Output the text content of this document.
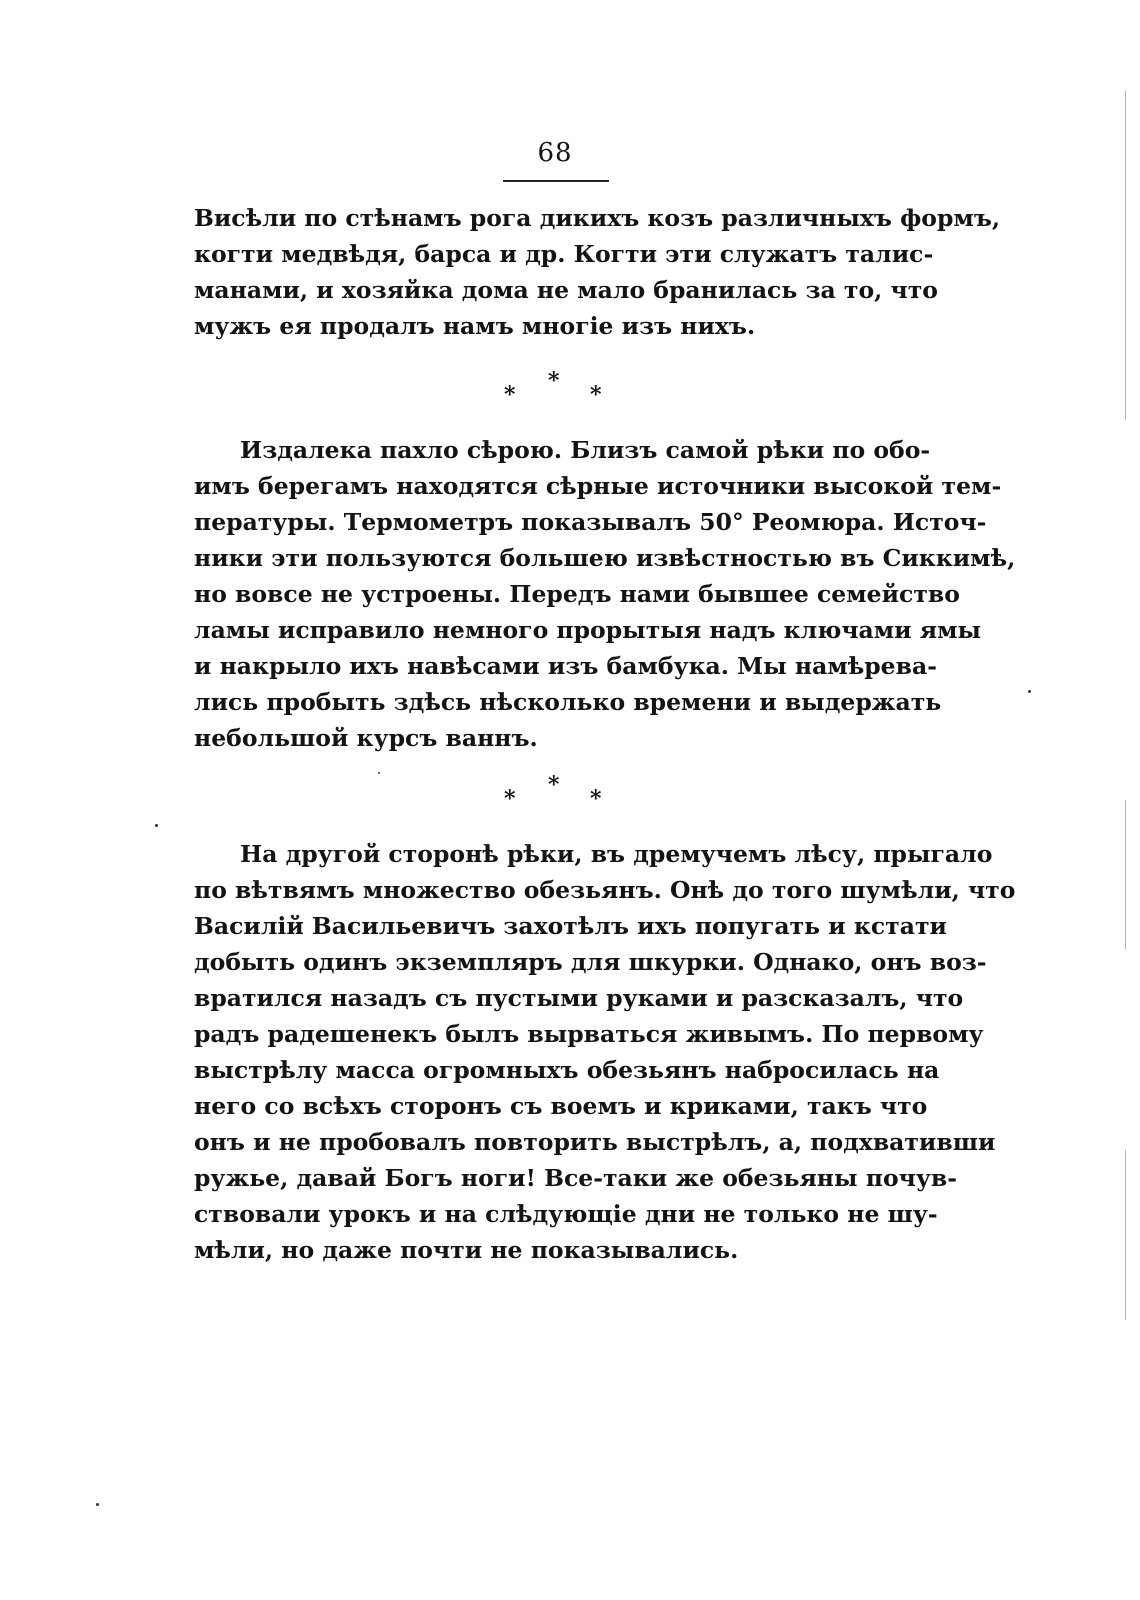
68
Висѣли по стѣнамъ рога дикихъ козъ различныхъ формъ,
когти медвѣдя, барса и др. Когти эти служатъ талис-
манами, и хозяйка дома не мало бранилась за то, что
мужъ ея продалъ намъ многіе изъ нихъ.
*
*	*
Издалека пахло сѣрою. Близъ самой рѣки по обо-
имъ берегамъ находятся сѣрные источники высокой тем-
пературы. Термометръ показывалъ 50° Реомюра. Источ-
ники эти пользуются большею извѣстностью въ Сиккимѣ,
но вовсе не устроены. Передъ нами бывшее семейство
ламы исправило немного прорытыя надъ ключами ямы
и накрыло ихъ навѣсами изъ бамбука. Мы намѣрева-
лись пробыть здѣсь нѣсколько времени и выдержать
небольшой курсъ ваннъ.
*
*	*
На другой сторонѣ рѣки, въ дремучемъ лѣсу, прыгало
по вѣтвямъ множество обезьянъ. Онѣ до того шумѣли, что
Василій Васильевичъ захотѣлъ ихъ попугать и кстати
добыть одинъ экземпляръ для шкурки. Однако, онъ воз-
вратился назадъ съ пустыми руками и разсказалъ, что
радъ радешенекъ былъ вырваться живымъ. По первому
выстрѣлу масса огромныхъ обезьянъ набросилась на
него со всѣхъ сторонъ съ воемъ и криками, такъ что
онъ и не пробовалъ повторить выстрѣлъ, а, подхвативши
ружье, давай Богъ ноги! Все-таки же обезьяны почув-
ствовали урокъ и на слѣдующіе дни не только не шу-
мѣли, но даже почти не показывались.
